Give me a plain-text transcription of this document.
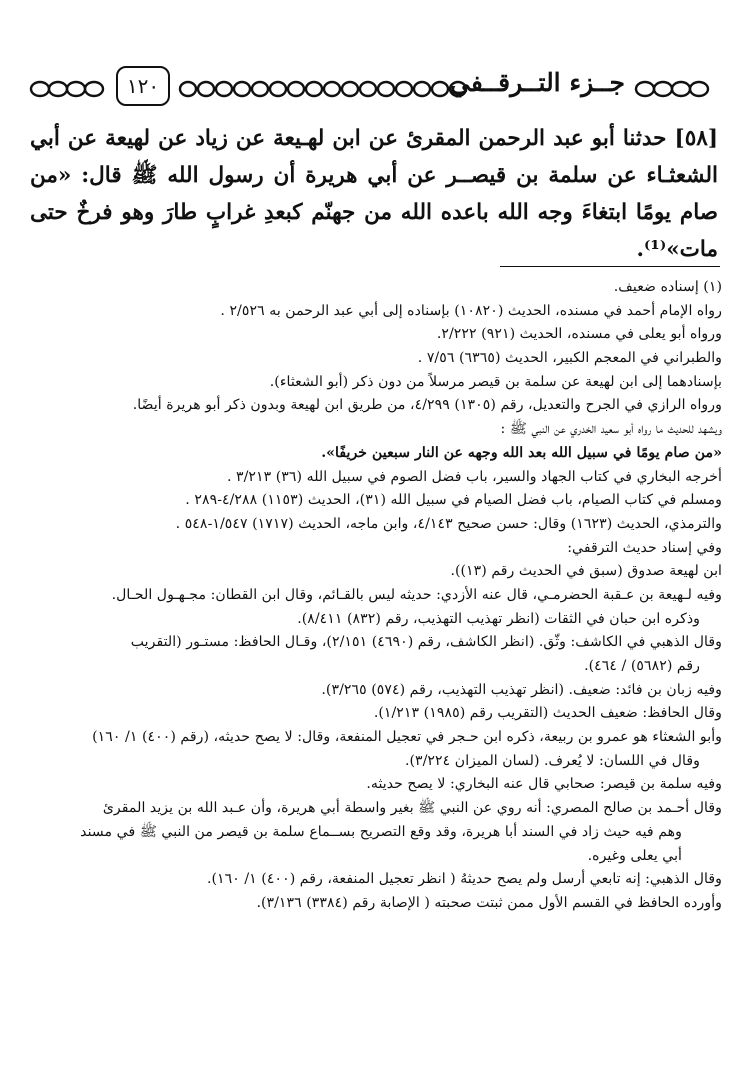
جــزء التــرقــفي
١٢٠

[٥٨] حدثنا أبو عبد الرحمن المقرئ عن ابن لهـيعة عن زياد عن لهيعة عن أبي الشعثـاء عن سلمة بن قيصــر عن أبي هريرة أن رسول الله ﷺ قال: «من صام يومًا ابتغاءَ وجه الله باعده الله من جهنّم كبعدِ غرابٍ طارَ وهو فرخٌ حتى مات»⁽¹⁾.

(١) إسناده ضعيف.
رواه الإمام أحمد في مسنده، الحديث (١٠٨٢٠) بإسناده إلى أبي عبد الرحمن به ٢/٥٢٦ .
ورواه أبو يعلى في مسنده، الحديث (٩٢١) ٢/٢٢٢.
والطبراني في المعجم الكبير، الحديث (٦٣٦٥) ٧/٥٦ .
بإسنادهما إلى ابن لهيعة عن سلمة بن قيصر مرسلاً من دون ذكر (أبو الشعثاء).
ورواه الرازي في الجرح والتعديل، رقم (١٣٠٥) ٤/٢٩٩، من طريق ابن لهيعة وبدون ذكر أبو هريرة أيضًا.
ويشهد للحديث ما رواه أبو سعيد الخدري عن النبي ﷺ :
«من صام يومًا في سبيل الله بعد الله وجهه عن النار سبعين خريفًا».
أخرجه البخاري في كتاب الجهاد والسير، باب فضل الصوم في سبيل الله (٣٦) ٣/٢١٣ .
ومسلم في كتاب الصيام، باب فضل الصيام في سبيل الله (٣١)، الحديث (١١٥٣) ٤/٢٨٨-٢٨٩ .
والترمذي، الحديث (١٦٢٣) وقال: حسن صحيح ٤/١٤٣، وابن ماجه، الحديث (١٧١٧) ١/٥٤٧-٥٤٨ .
وفي إسناد حديث الترقفي:
ابن لهيعة صدوق (سبق في الحديث رقم (١٣)).
وفيه لـهيعة بن عـقبة الحضرمـي، قال عنه الأزدي: حديثه ليس بالقـائم، وقال ابن القطان: مجـهـول الحـال.
وذكره ابن حبان في الثقات (انظر تهذيب التهذيب، رقم (٨٣٢) ٨/٤١١).
وقال الذهبي في الكاشف: وثّق. (انظر الكاشف، رقم (٤٦٩٠) ٢/١٥١)، وقـال الحافظ: مستـور (التقريب
رقم (٥٦٨٢) / ٤٦٤).
وفيه زبان بن فائد: ضعيف. (انظر تهذيب التهذيب، رقم (٥٧٤) ٣/٢٦٥).
وقال الحافظ: ضعيف الحديث (التقريب رقم (١٩٨٥) ١/٢١٣).
وأبو الشعثاء هو عمرو بن ربيعة، ذكره ابن حـجر في تعجيل المنفعة، وقال: لا يصح حديثه، (رقم (٤٠٠) ١/ ١٦٠)
وقال في اللسان: لا يُعرف. (لسان الميزان ٣/٢٢٤).
وفيه سلمة بن قيصر: صحابي قال عنه البخاري: لا يصح حديثه.
وقال أحـمد بن صالح المصري: أنه روي عن النبي ﷺ بغير واسطة أبي هريرة، وأن عـبد الله بن يزيد المقرئ
وهم فيه حيث زاد في السند أبا هريرة، وقد وقع التصريح بســماع سلمة بن قيصر من النبي ﷺ في مسند
أبي يعلى وغيره.
وقال الذهبي: إنه تابعي أرسل ولم يصح حديثهُ ( انظر تعجيل المنفعة، رقم (٤٠٠) ١/ ١٦٠).
وأورده الحافظ في القسم الأول ممن ثبتت صحبته ( الإصابة رقم (٣٣٨٤) ٣/١٣٦).
